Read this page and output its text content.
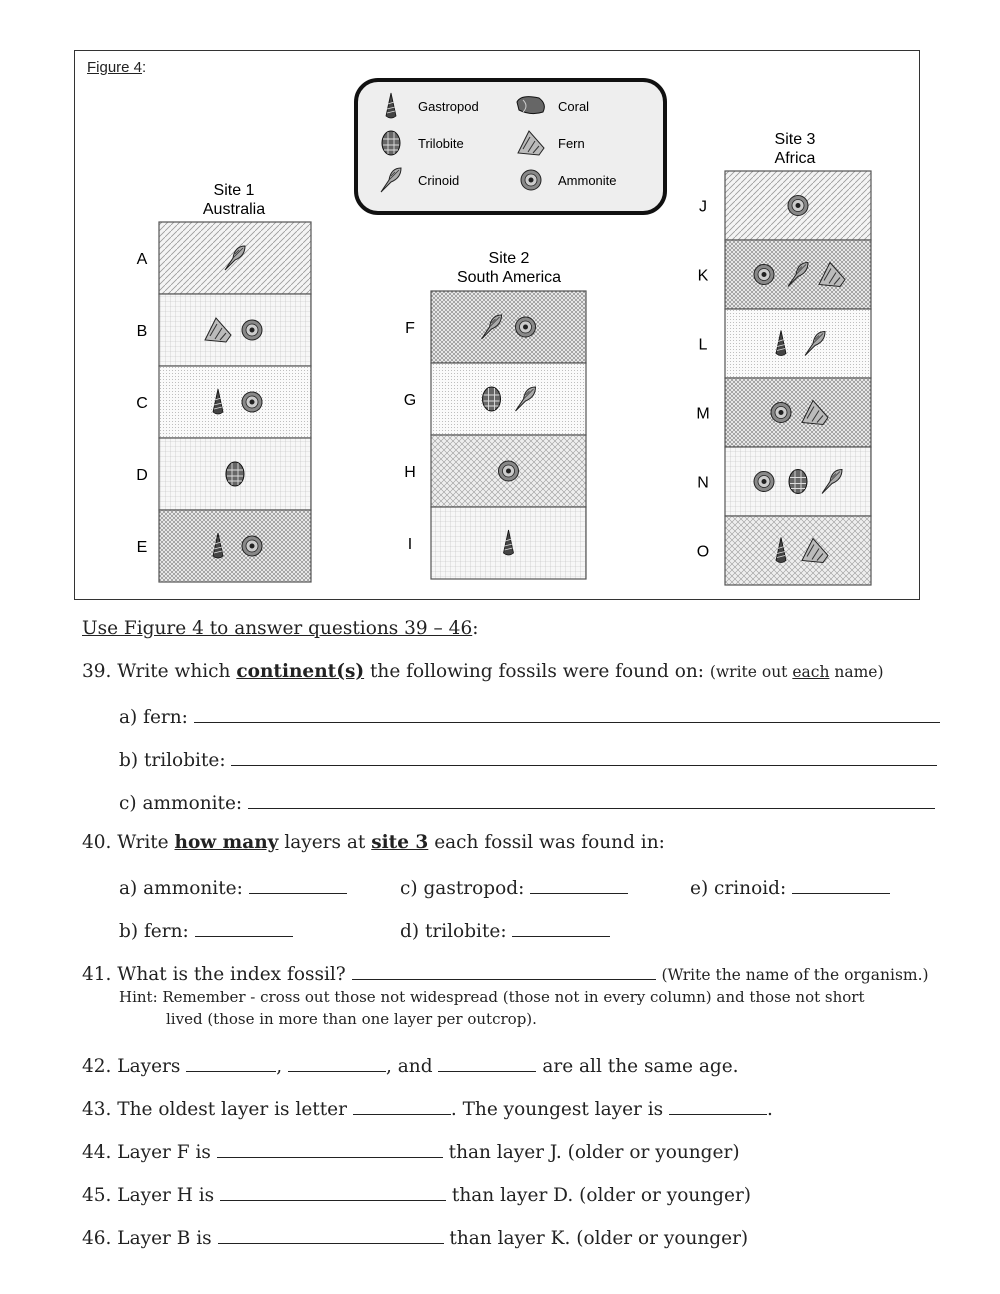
Figure 4:
Gastropod
Trilobite
Crinoid
Coral
Fern
Ammonite
Site 1
Australia
Site 2
South America
Site 3
Africa
A
B
C
D
E
F
G
H
I
J
K
L
M
N
O
Use Figure 4 to answer questions 39 – 46:
39. Write which continent(s) the following fossils were found on: (write out each name)
a) fern:
b) trilobite:
c) ammonite:
40. Write how many layers at site 3 each fossil was found in:
a) ammonite:	c) gastropod:	e) crinoid:
b) fern:	d) trilobite:
41. What is the index fossil?	(Write the name of the organism.)
Hint: Remember - cross out those not widespread (those not in every column) and those not short
lived (those in more than one layer per outcrop).
42. Layers	,	, and	are all the same age.
43. The oldest layer is letter	. The youngest layer is	.
44. Layer F is	than layer J. (older or younger)
45. Layer H is	than layer D. (older or younger)
46. Layer B is	than layer K. (older or younger)
